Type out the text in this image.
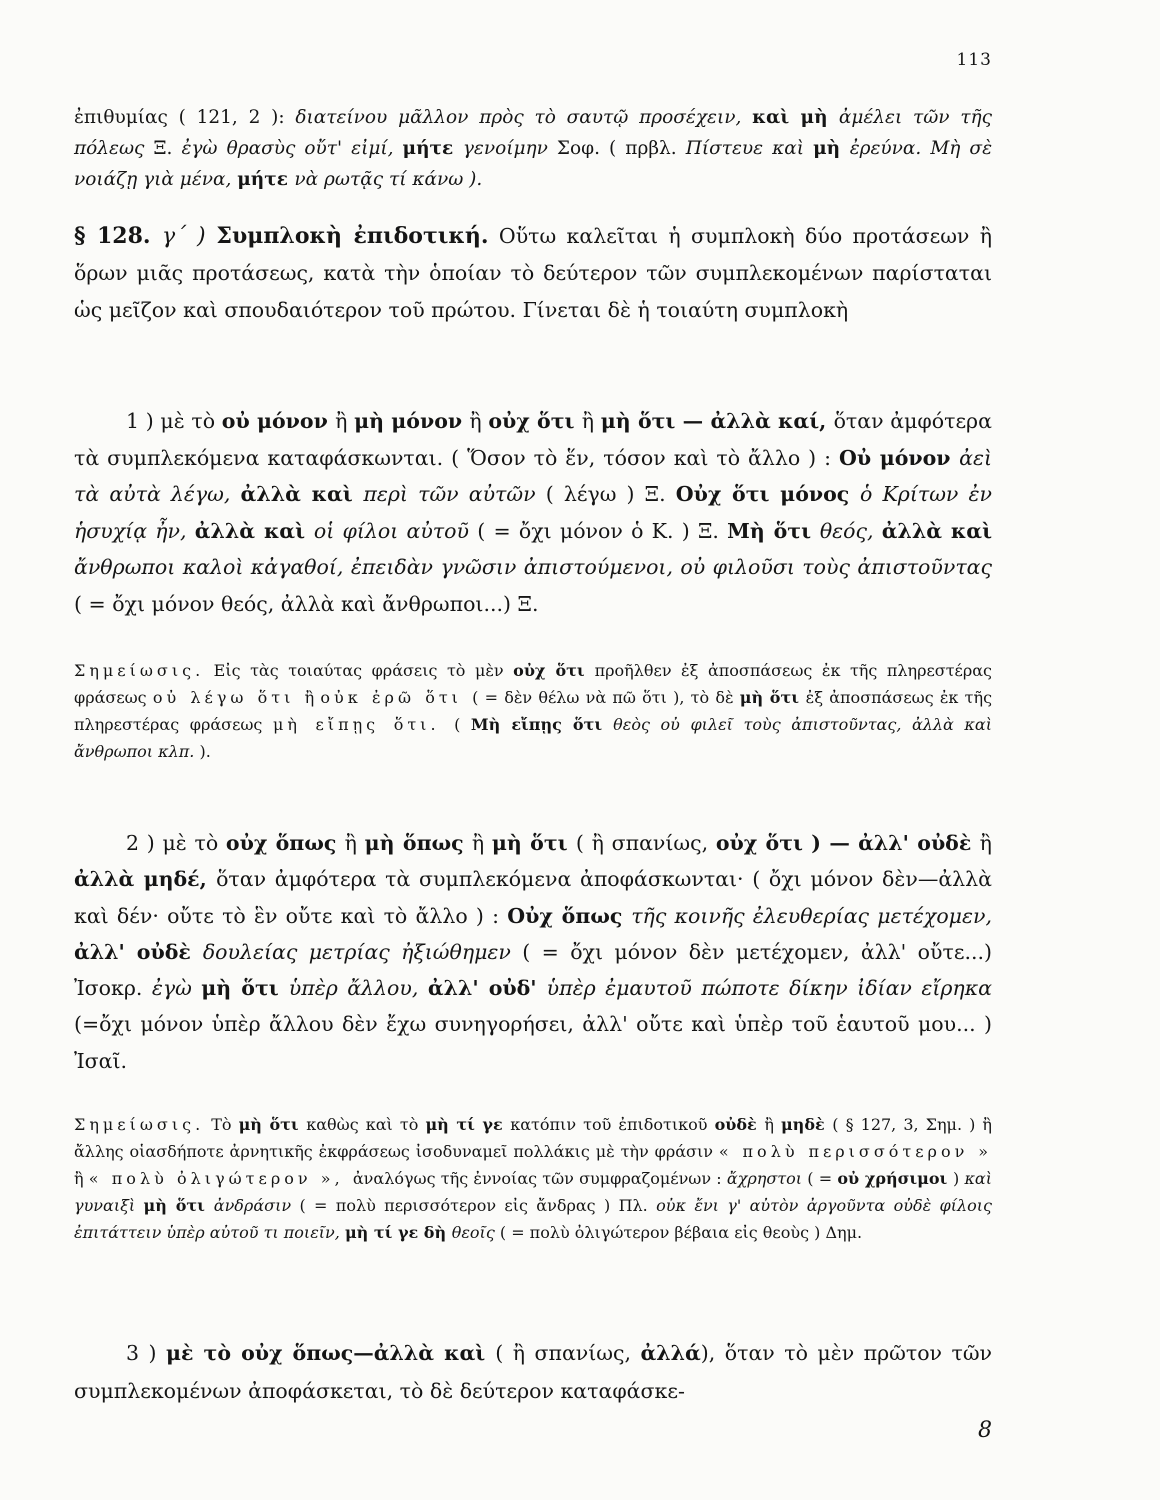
113

ἐπιθυμίας ( 121, 2 ): διατείνου μᾶλλον πρὸς τὸ σαυτῷ προσέχειν, καὶ μὴ ἀμέλει τῶν τῆς πόλεως Ξ. ἐγὼ θρασὺς οὔτ' εἰμί, μήτε γενοίμην Σοφ. ( πρβλ. Πίστευε καὶ μὴ ἐρεύνα. Μὴ σὲ νοιάζῃ γιὰ μένα, μήτε νὰ ρωτᾷς τί κάνω ).

§ 128. γ΄ ) Συμπλοκὴ ἐπιδοτική. Οὕτω καλεῖται ἡ συμπλοκὴ δύο προτάσεων ἢ ὅρων μιᾶς προτάσεως, κατὰ τὴν ὁποίαν τὸ δεύτερον τῶν συμπλεκομένων παρίσταται ὡς μεῖζον καὶ σπουδαιότερον τοῦ πρώτου. Γίνεται δὲ ἡ τοιαύτη συμπλοκὴ

1 ) μὲ τὸ οὐ μόνον ἢ μὴ μόνον ἢ οὐχ ὅτι ἢ μὴ ὅτι — ἀλλὰ καί, ὅταν ἀμφότερα τὰ συμπλεκόμενα καταφάσκωνται. ( Ὅσον τὸ ἕν, τόσον καὶ τὸ ἄλλο ) : Οὐ μόνον ἀεὶ τὰ αὐτὰ λέγω, ἀλλὰ καὶ περὶ τῶν αὐτῶν ( λέγω ) Ξ. Οὐχ ὅτι μόνος ὁ Κρίτων ἐν ἡσυχίᾳ ἦν, ἀλλὰ καὶ οἱ φίλοι αὐτοῦ ( = ὄχι μόνον ὁ Κ. ) Ξ. Μὴ ὅτι θεός, ἀλλὰ καὶ ἄνθρωποι καλοὶ κἀγαθοί, ἐπειδὰν γνῶσιν ἀπιστούμενοι, οὐ φιλοῦσι τοὺς ἀπιστοῦντας ( = ὄχι μόνον θεός, ἀλλὰ καὶ ἄνθρωποι...) Ξ.

Σημείωσις. Εἰς τὰς τοιαύτας φράσεις τὸ μὲν οὐχ ὅτι προῆλθεν ἐξ ἀποσπάσεως ἐκ τῆς πληρεστέρας φράσεως οὐ λέγω ὅτι ἢ οὐκ ἐρῶ ὅτι ( = δὲν θέλω νὰ πῶ ὅτι ), τὸ δὲ μὴ ὅτι ἐξ ἀποσπάσεως ἐκ τῆς πληρεστέρας φράσεως μὴ εἴπῃς ὅτι. ( Μὴ εἴπῃς ὅτι θεὸς οὐ φιλεῖ τοὺς ἀπιστοῦντας, ἀλλὰ καὶ ἄνθρωποι κλπ. ).

2 ) μὲ τὸ οὐχ ὅπως ἢ μὴ ὅπως ἢ μὴ ὅτι ( ἢ σπανίως, οὐχ ὅτι ) — ἀλλ' οὐδὲ ἢ ἀλλὰ μηδέ, ὅταν ἀμφότερα τὰ συμπλεκόμενα ἀποφάσκωνται· ( ὄχι μόνον δὲν—ἀλλὰ καὶ δέν· οὔτε τὸ ἓν οὔτε καὶ τὸ ἄλλο ) : Οὐχ ὅπως τῆς κοινῆς ἐλευθερίας μετέχομεν, ἀλλ' οὐδὲ δουλείας μετρίας ἠξιώθημεν ( = ὄχι μόνον δὲν μετέχομεν, ἀλλ' οὔτε...) Ἰσοκρ. ἐγὼ μὴ ὅτι ὑπὲρ ἄλλου, ἀλλ' οὐδ' ὑπὲρ ἐμαυτοῦ πώποτε δίκην ἰδίαν εἴρηκα (=ὄχι μόνον ὑπὲρ ἄλλου δὲν ἔχω συνηγορήσει, ἀλλ' οὔτε καὶ ὑπὲρ τοῦ ἑαυτοῦ μου... ) Ἰσαῖ.

Σημείωσις. Τὸ μὴ ὅτι καθὼς καὶ τὸ μὴ τί γε κατόπιν τοῦ ἐπιδοτικοῦ οὐδὲ ἢ μηδὲ ( § 127, 3, Σημ. ) ἢ ἄλλης οἱασδήποτε ἀρνητικῆς ἐκφράσεως ἰσοδυναμεῖ πολλάκις μὲ τὴν φράσιν « πολὺ περισσότερον » ἢ « πολὺ ὀλιγώτερον », ἀναλόγως τῆς ἐννοίας τῶν συμφραζομένων : ἄχρηστοι ( = οὐ χρήσιμοι ) καὶ γυναιξὶ μὴ ὅτι ἀνδράσιν ( = πολὺ περισσότερον εἰς ἄνδρας ) Πλ. οὐκ ἔνι γ' αὐτὸν ἀργοῦντα οὐδὲ φίλοις ἐπιτάττειν ὑπὲρ αὐτοῦ τι ποιεῖν, μὴ τί γε δὴ θεοῖς ( = πολὺ ὀλιγώτερον βέβαια εἰς θεοὺς ) Δημ.

3 ) μὲ τὸ οὐχ ὅπως—ἀλλὰ καὶ ( ἢ σπανίως, ἀλλά), ὅταν τὸ μὲν πρῶτον τῶν συμπλεκομένων ἀποφάσκεται, τὸ δὲ δεύτερον καταφάσκε-

8
